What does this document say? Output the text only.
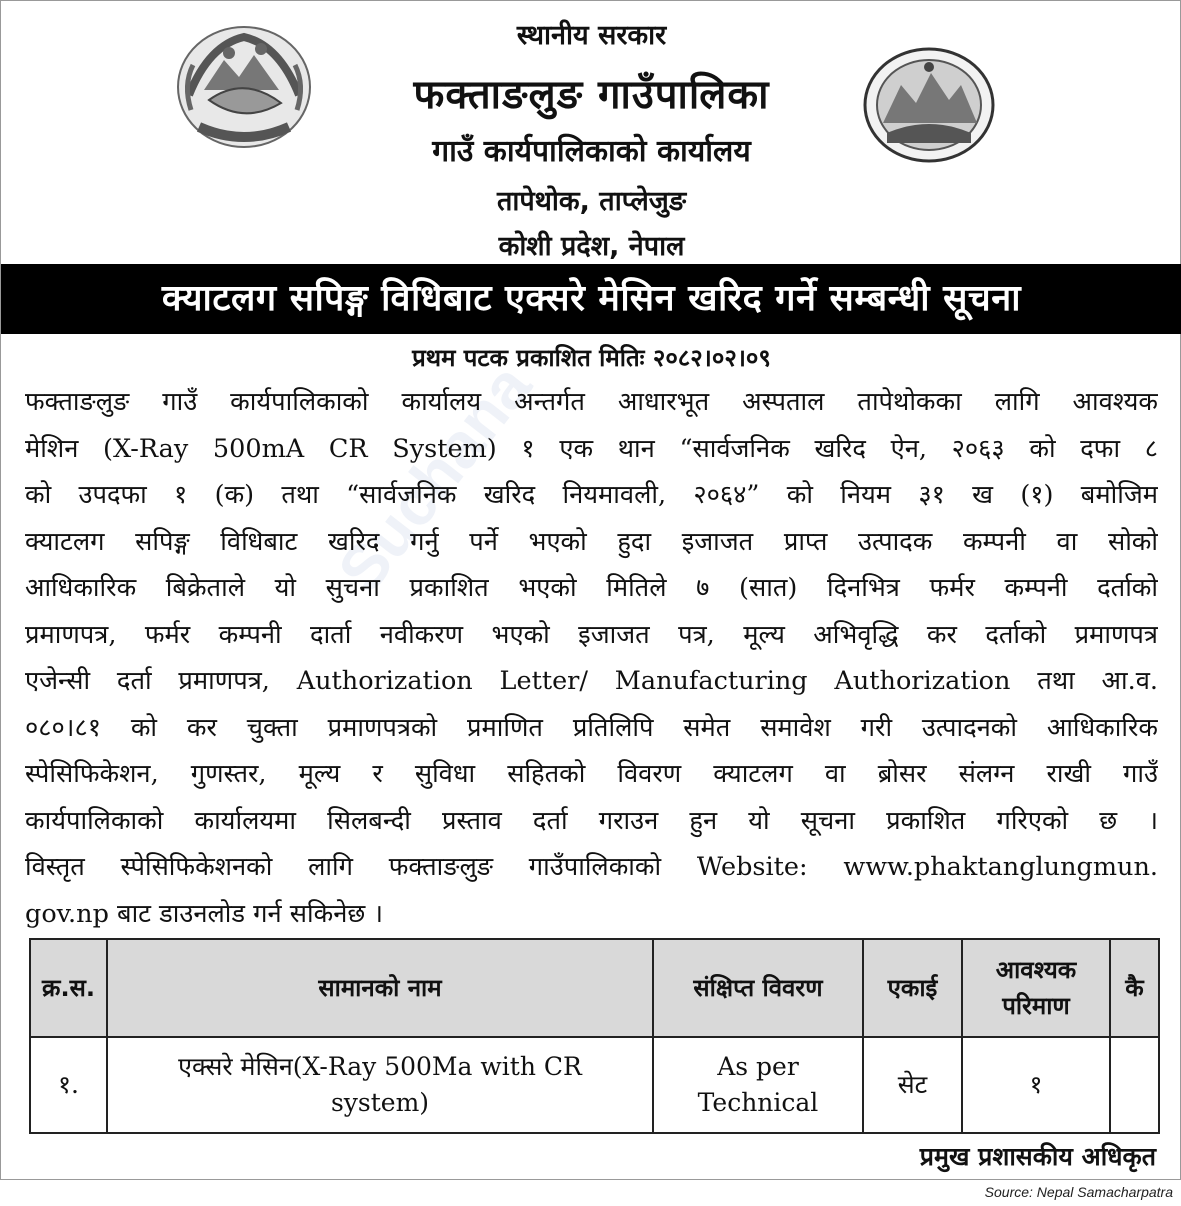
स्थानीय सरकार
फक्ताङलुङ गाउँपालिका
गाउँ कार्यपालिकाको कार्यालय
तापेथोक, ताप्लेजुङ
कोशी प्रदेश, नेपाल
क्याटलग सपिङ्ग विधिबाट एक्सरे मेसिन खरिद गर्ने सम्बन्धी सूचना
प्रथम पटक प्रकाशित मितिः २०८२।०२।०९
Suchana
फक्ताङलुङ गाउँ कार्यपालिकाको कार्यालय अन्तर्गत आधारभूत अस्पताल तापेथोकका लागि आवश्यक
मेशिन (X-Ray 500mA CR System) १ एक थान “सार्वजनिक खरिद ऐन, २०६३ को दफा ८
को उपदफा १ (क) तथा “सार्वजनिक खरिद नियमावली, २०६४” को नियम ३१ ख (१) बमोजिम
क्याटलग सपिङ्ग विधिबाट खरिद गर्नु पर्ने भएको हुदा इजाजत प्राप्त उत्पादक कम्पनी वा सोको
आधिकारिक बिक्रेताले यो सुचना प्रकाशित भएको मितिले ७ (सात) दिनभित्र फर्मर कम्पनी दर्ताको
प्रमाणपत्र, फर्मर कम्पनी दार्ता नवीकरण भएको इजाजत पत्र, मूल्य अभिवृद्धि कर दर्ताको प्रमाणपत्र
एजेन्सी दर्ता प्रमाणपत्र, Authorization Letter/ Manufacturing Authorization तथा आ.व.
०८०।८१ को कर चुक्ता प्रमाणपत्रको प्रमाणित प्रतिलिपि समेत समावेश गरी उत्पादनको आधिकारिक
स्पेसिफिकेशन, गुणस्तर, मूल्य र सुविधा सहितको विवरण क्याटलग वा ब्रोसर संलग्न राखी गाउँ
कार्यपालिकाको कार्यालयमा सिलबन्दी प्रस्ताव दर्ता गराउन हुन यो सूचना प्रकाशित गरिएको छ ।
विस्तृत स्पेसिफिकेशनको लागि फक्ताङलुङ गाउँपालिकाको Website: www.phaktanglungmun.
gov.np बाट डाउनलोड गर्न सकिनेछ ।
क्र.स.	सामानको नाम	संक्षिप्त विवरण	एकाई	आवश्यक परिमाण	कै
१.	एक्सरे मेसिन(X-Ray 500Ma with CR system)	As per Technical	सेट	१	
प्रमुख प्रशासकीय अधिकृत
Source: Nepal Samacharpatra
